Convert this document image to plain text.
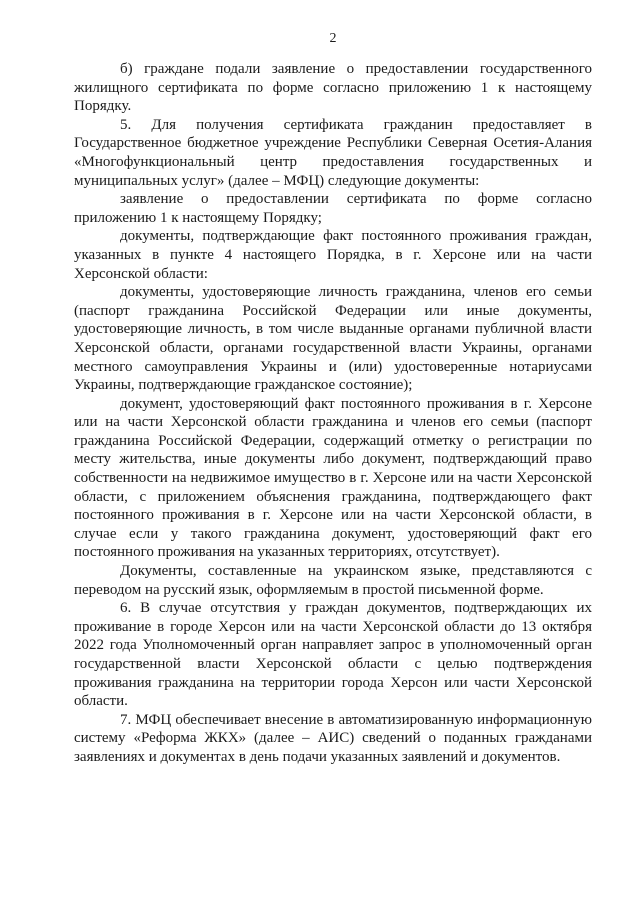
2

б) граждане подали заявление о предоставлении государственного жилищного сертификата по форме согласно приложению 1 к настоящему Порядку.

5. Для получения сертификата гражданин предоставляет в Государственное бюджетное учреждение Республики Северная Осетия-Алания «Многофункциональный центр предоставления государственных и муниципальных услуг» (далее – МФЦ) следующие документы:

заявление о предоставлении сертификата по форме согласно приложению 1 к настоящему Порядку;

документы, подтверждающие факт постоянного проживания граждан, указанных в пункте 4 настоящего Порядка, в г. Херсоне или на части Херсонской области:

документы, удостоверяющие личность гражданина, членов его семьи (паспорт гражданина Российской Федерации или иные документы, удостоверяющие личность, в том числе выданные органами публичной власти Херсонской области, органами государственной власти Украины, органами местного самоуправления Украины и (или) удостоверенные нотариусами Украины, подтверждающие гражданское состояние);

документ, удостоверяющий факт постоянного проживания в г. Херсоне или на части Херсонской области гражданина и членов его семьи (паспорт гражданина Российской Федерации, содержащий отметку о регистрации по месту жительства, иные документы либо документ, подтверждающий право собственности на недвижимое имущество в г. Херсоне или на части Херсонской области, с приложением объяснения гражданина, подтверждающего факт постоянного проживания в г. Херсоне или на части Херсонской области, в случае если у такого гражданина документ, удостоверяющий факт его постоянного проживания на указанных территориях, отсутствует).

Документы, составленные на украинском языке, представляются с переводом на русский язык, оформляемым в простой письменной форме.

6. В случае отсутствия у граждан документов, подтверждающих их проживание в городе Херсон или на части Херсонской области до 13 октября 2022 года Уполномоченный орган направляет запрос в уполномоченный орган государственной власти Херсонской области с целью подтверждения проживания гражданина на территории города Херсон или части Херсонской области.

7. МФЦ обеспечивает внесение в автоматизированную информационную систему «Реформа ЖКХ» (далее – АИС) сведений о поданных гражданами заявлениях и документах в день подачи указанных заявлений и документов.
